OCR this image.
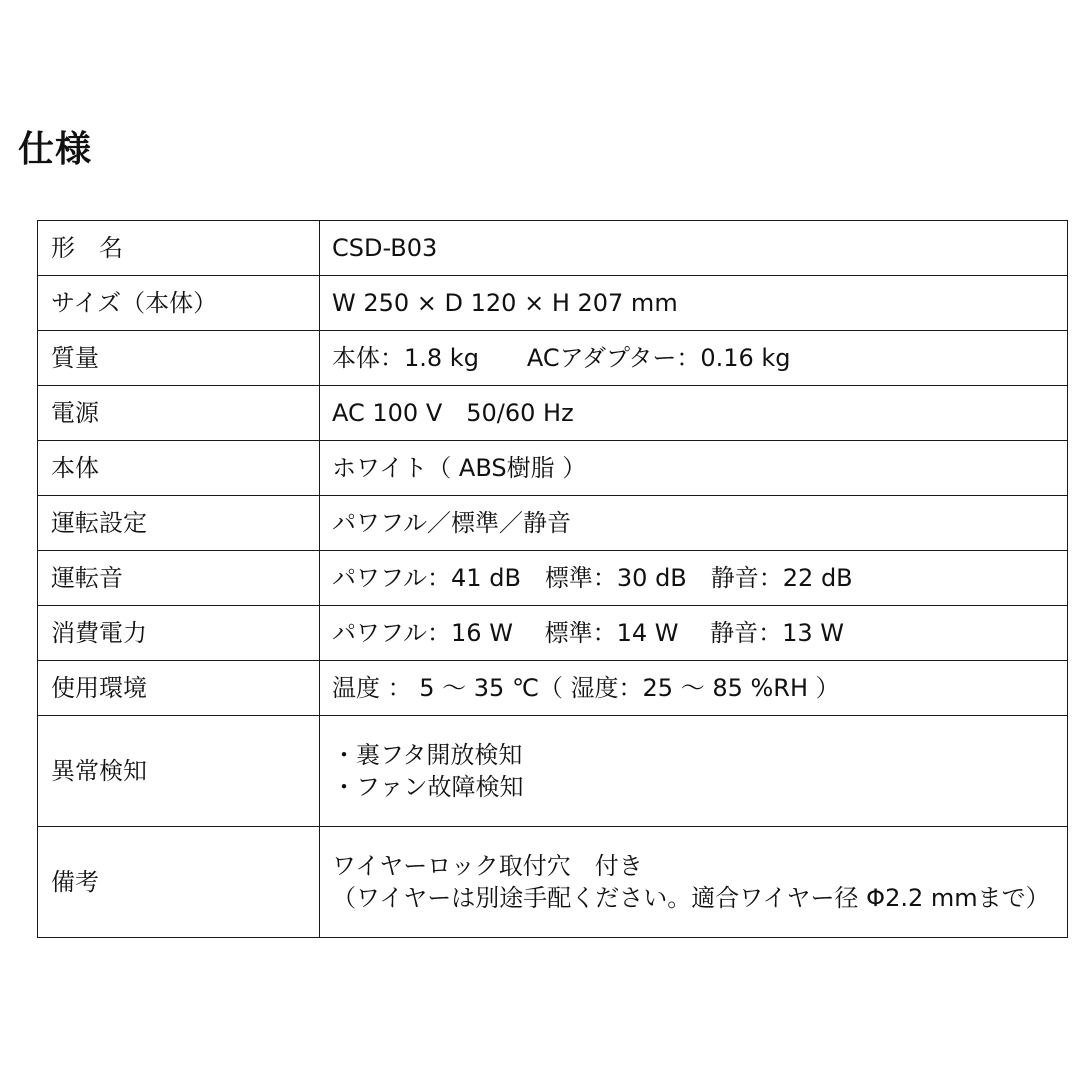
仕様
形　名	CSD-B03
サイズ（本体）	W 250 × D 120 × H 207 mm
質量	本体：1.8 kg　　ACアダプター：0.16 kg
電源	AC 100 V　50/60 Hz
本体	ホワイト（ ABS樹脂 ）
運転設定	パワフル／標準／静音
運転音	パワフル：41 dB　標準：30 dB　静音：22 dB
消費電力	パワフル：16 W　 標準：14 W　 静音：13 W
使用環境	温度 ： 5 ～ 35 ℃（ 湿度：25 ～ 85 %RH ）
異常検知	・裏フタ開放検知
・ファン故障検知

備考	ワイヤーロック取付穴　付き
（ワイヤーは別途手配ください。適合ワイヤー径 Φ2.2 mmまで）
